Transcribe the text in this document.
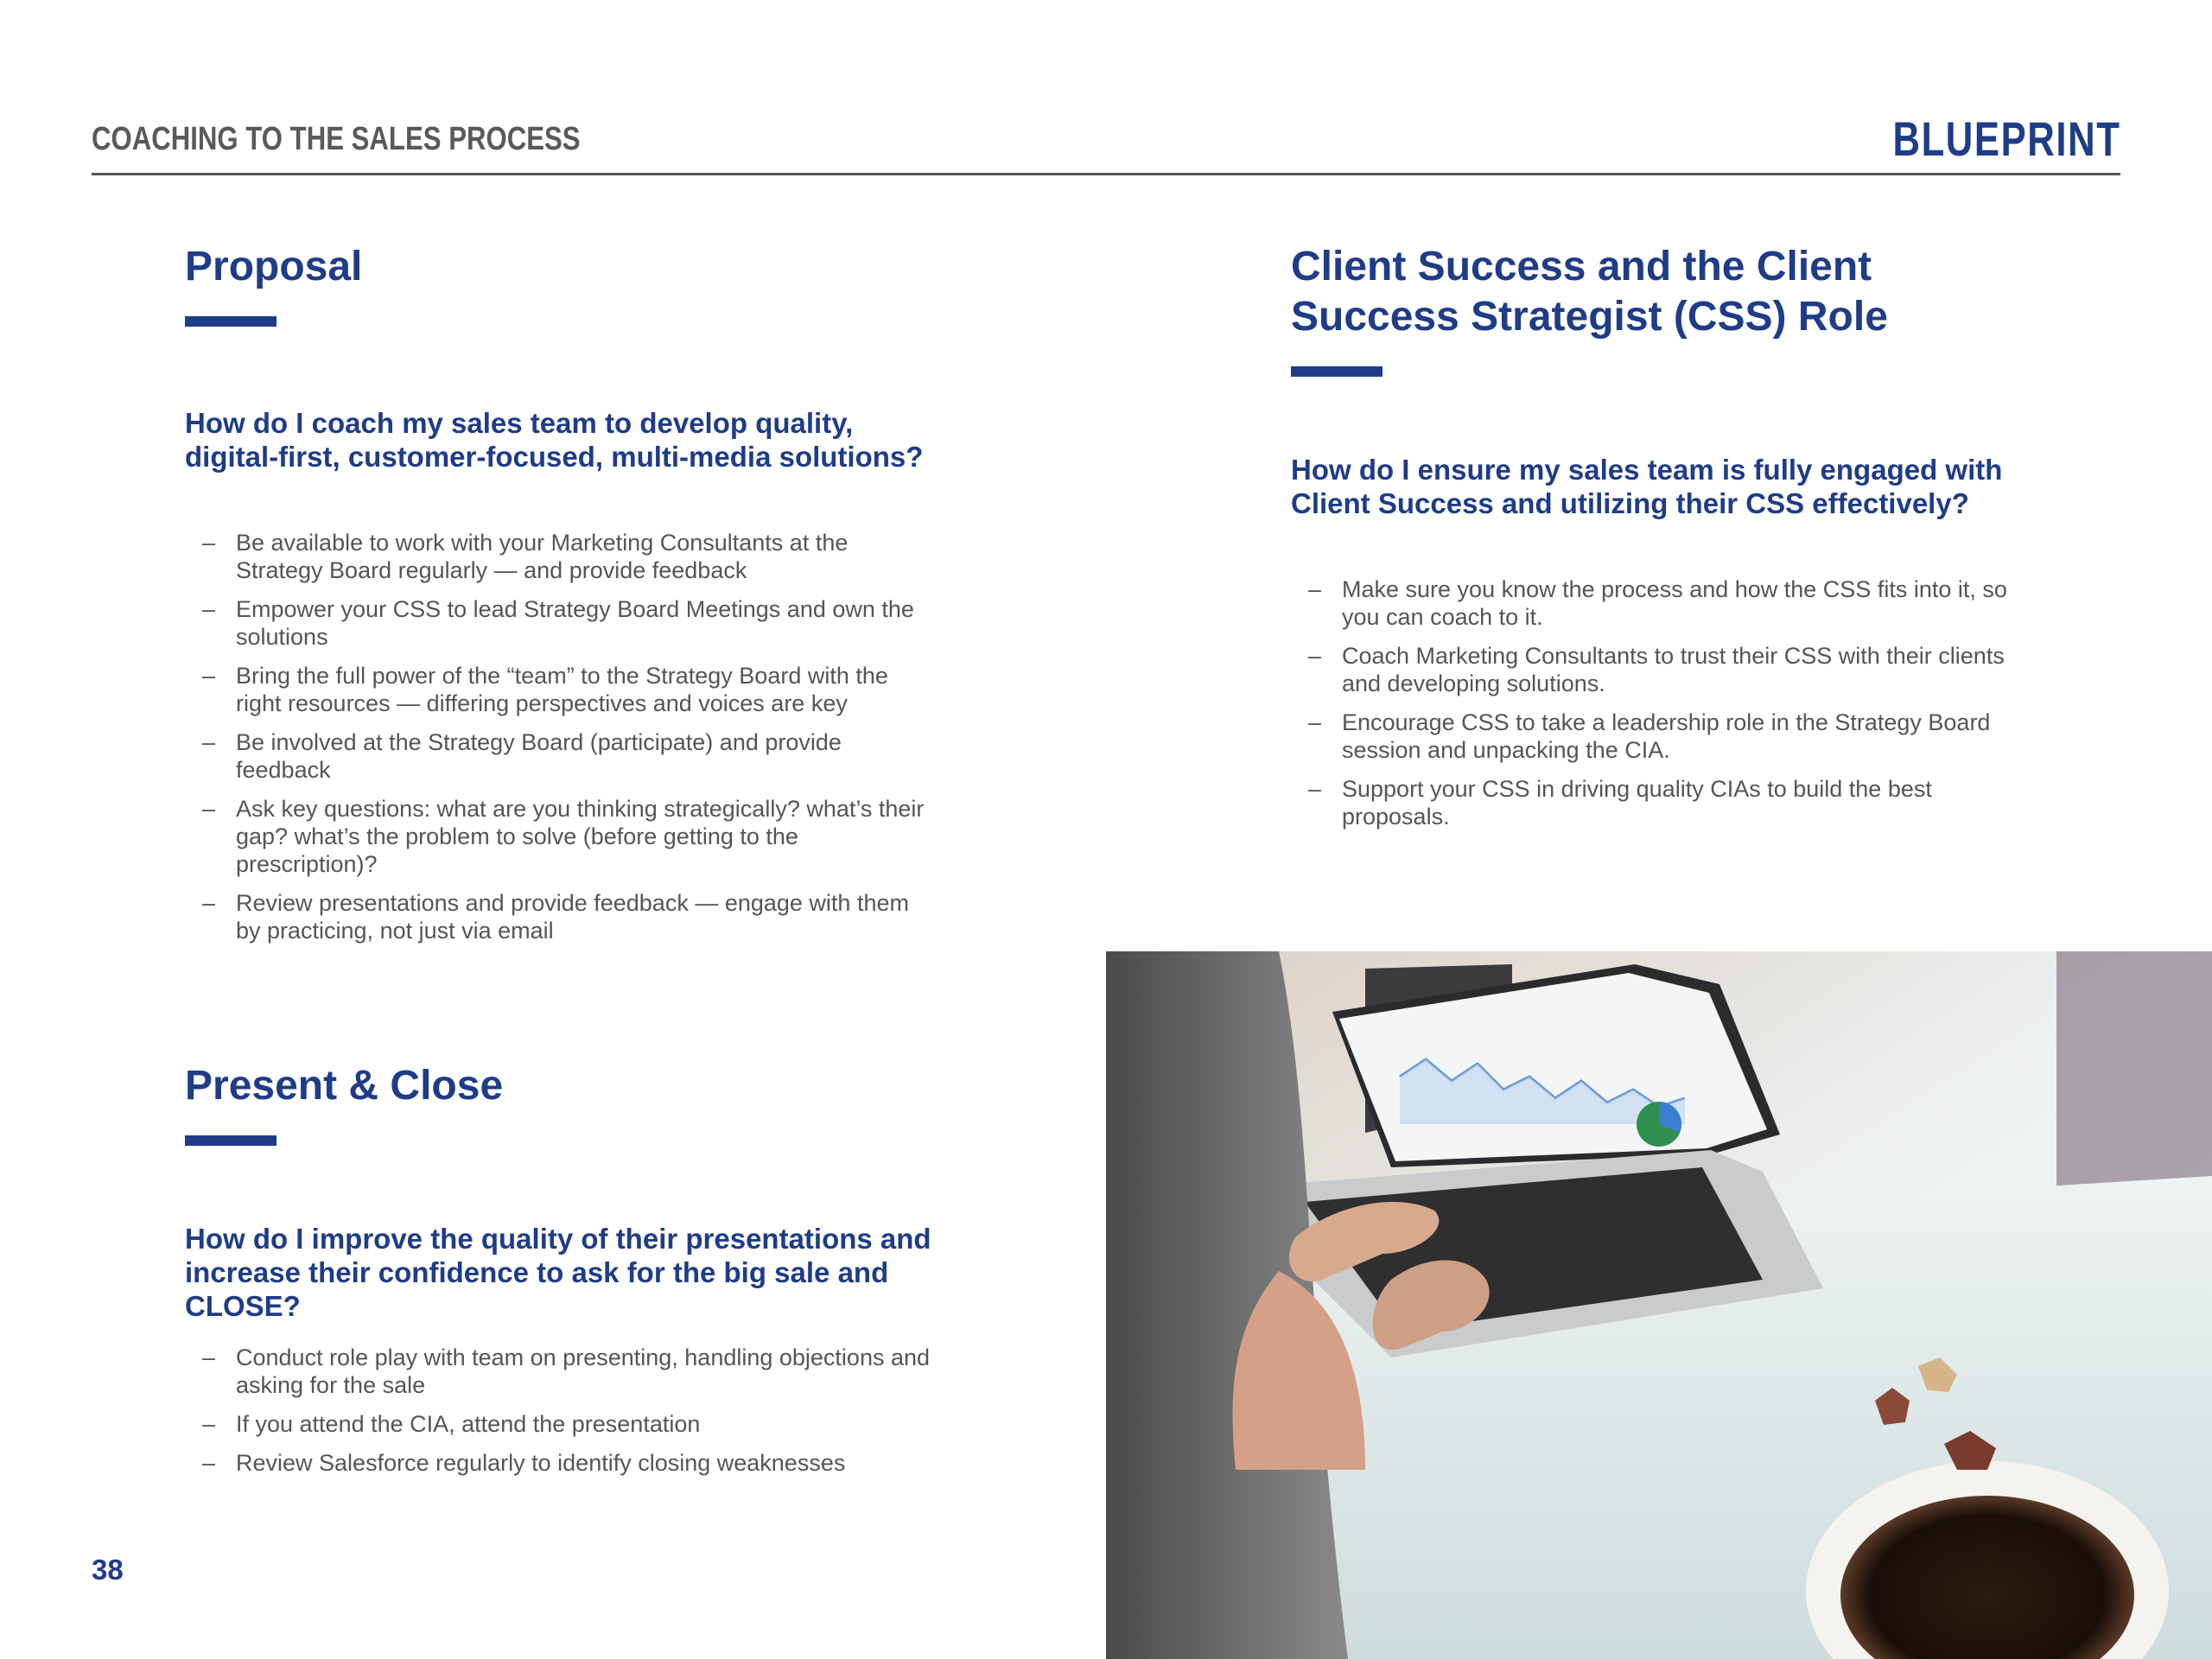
COACHING TO THE SALES PROCESS	BLUEPRINT
Proposal
How do I coach my sales team to develop quality, digital-first, customer-focused, multi-media solutions?
– Be available to work with your Marketing Consultants at the Strategy Board regularly — and provide feedback
– Empower your CSS to lead Strategy Board Meetings and own the solutions
– Bring the full power of the “team” to the Strategy Board with the right resources — differing perspectives and voices are key
– Be involved at the Strategy Board (participate) and provide feedback
– Ask key questions: what are you thinking strategically? what’s their gap? what’s the problem to solve (before getting to the prescription)?
– Review presentations and provide feedback — engage with them by practicing, not just via email
Present & Close
How do I improve the quality of their presentations and increase their confidence to ask for the big sale and CLOSE?
– Conduct role play with team on presenting, handling objections and asking for the sale
– If you attend the CIA, attend the presentation
– Review Salesforce regularly to identify closing weaknesses
Client Success and the Client
Success Strategist (CSS) Role
How do I ensure my sales team is fully engaged with Client Success and utilizing their CSS effectively?
– Make sure you know the process and how the CSS fits into it, so you can coach to it.
– Coach Marketing Consultants to trust their CSS with their clients and developing solutions.
– Encourage CSS to take a leadership role in the Strategy Board session and unpacking the CIA.
– Support your CSS in driving quality CIAs to build the best proposals.
38
